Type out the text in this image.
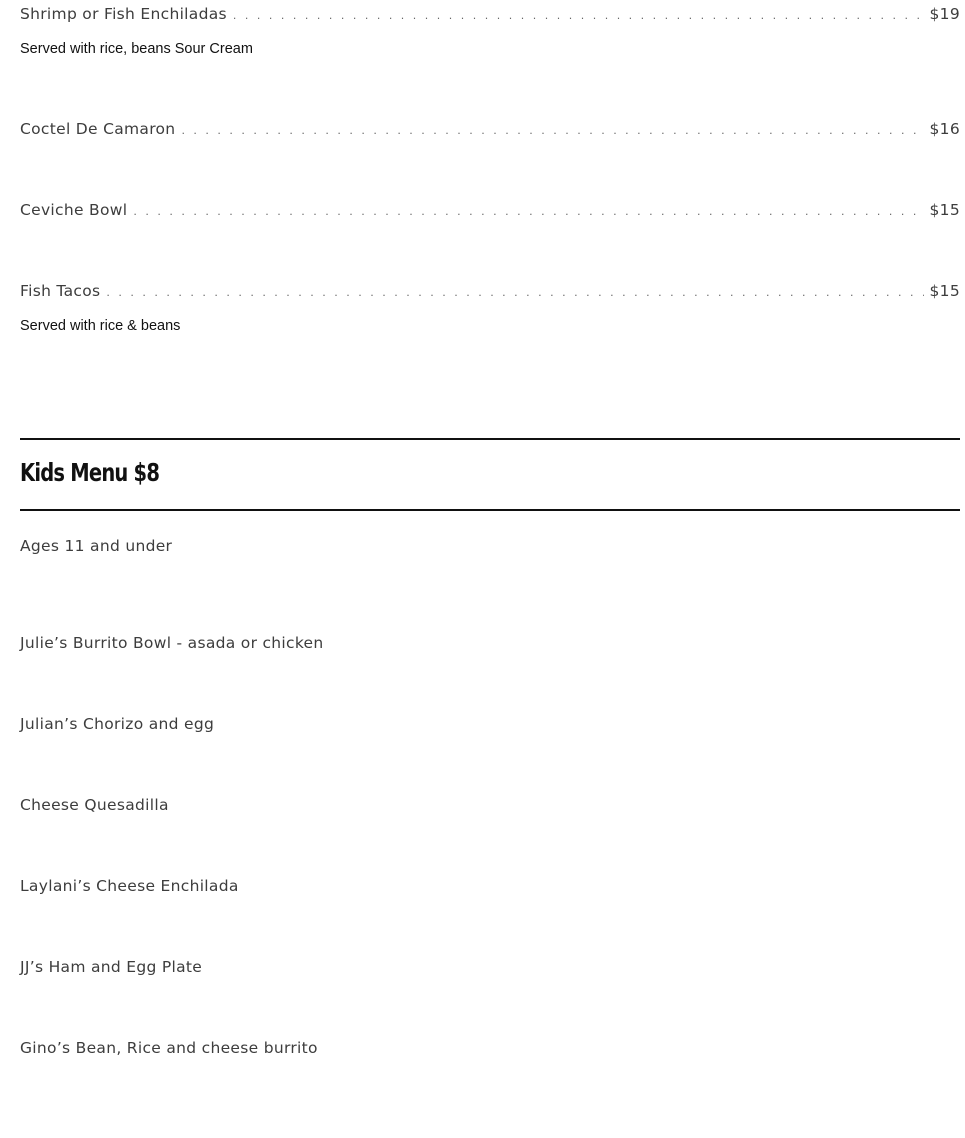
Shrimp or Fish Enchiladas . . .	$19
Served with rice, beans Sour Cream
Coctel De Camaron . . .	$16
Ceviche Bowl . . .	$15
Fish Tacos . . .	$15
Served with rice & beans
Kids Menu $8
Ages 11 and under
Julie’s Burrito Bowl - asada or chicken
Julian’s Chorizo and egg
Cheese Quesadilla
Laylani’s Cheese Enchilada
JJ’s Ham and Egg Plate
Gino’s Bean, Rice and cheese burrito
